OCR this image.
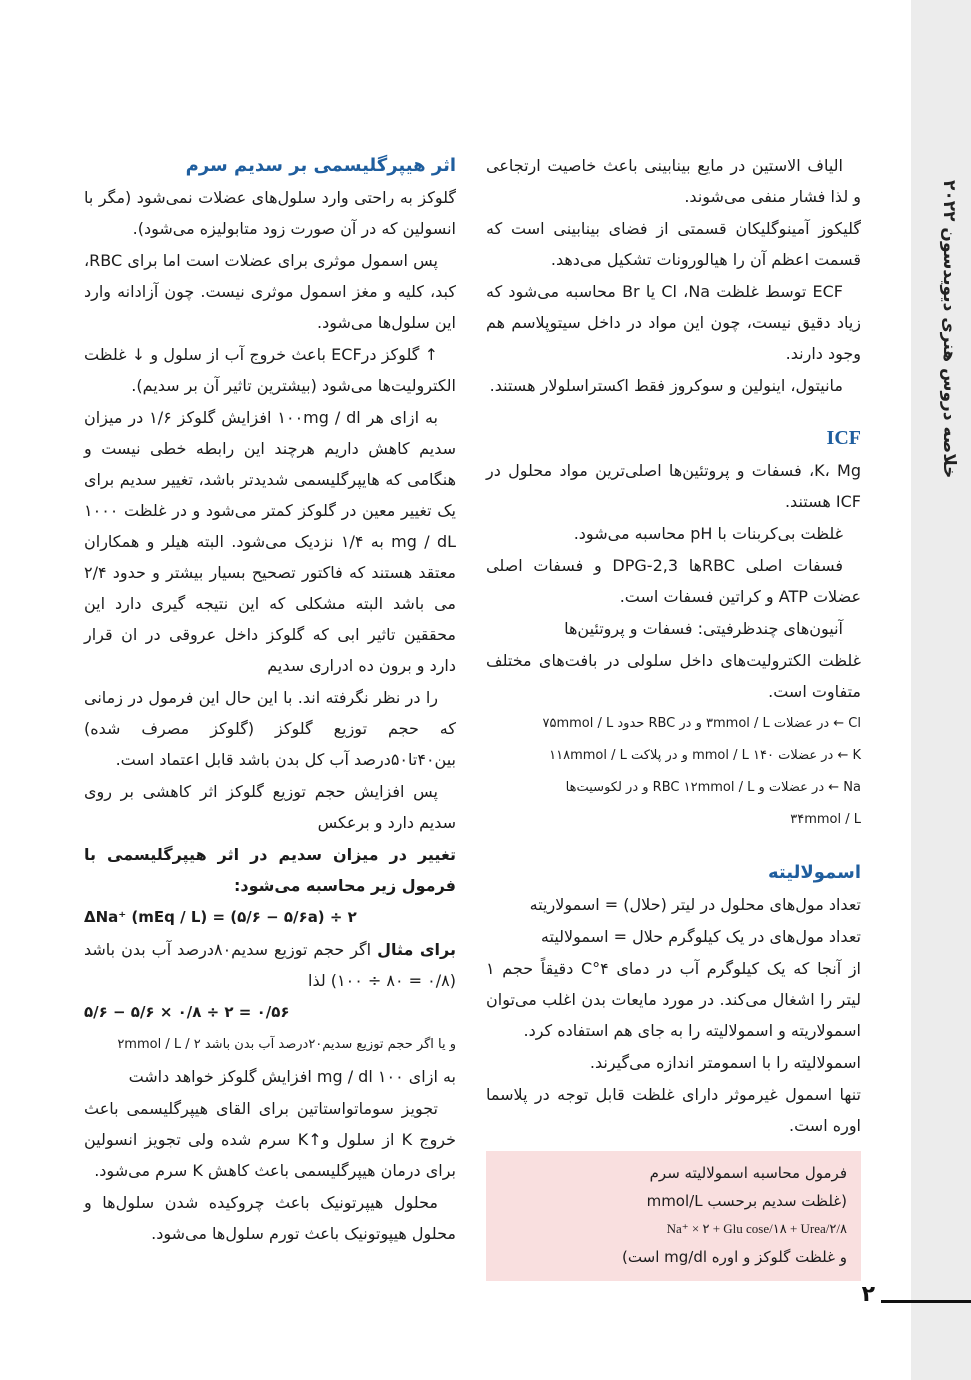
خلاصه دروس هنری دیویدسون ۲۰۲۲

الیاف الاستین در مایع بینابینی باعث خاصیت ارتجاعی و لذا فشار منفی می‌شوند.

گلیکوز آمینوگلیکان قسمتی از فضای بینابینی است که قسمت اعظم آن را هیالورونات تشکیل می‌دهد.

ECF توسط غلظت Cl ،Na یا Br محاسبه می‌شود که زیاد دقیق نیست، چون این مواد در داخل سیتوپلاسم هم وجود دارند.

مانیتول، اینولین و سوکروز فقط اکستراسلولار هستند.

ICF

K، Mg، فسفات و پروتئین‌ها اصلی‌ترین مواد محلول در ICF هستند.

غلظت بی‌کربنات با pH محاسبه می‌شود.

فسفات اصلی RBCها 2,3-DPG و فسفات اصلی عضلات ATP و کراتین فسفات است.

آنیون‌های چندظرفیتی: فسفات و پروتئین‌ها

غلظت الکترولیت‌های داخل سلولی در بافت‌های مختلف متفاوت است.

Cl ← در عضلات ۳mmol / L و در RBC حدود ۷۵mmol / L

K ← در عضلات ۱۴۰ mmol / L و در پلاکت ۱۱۸mmol / L

Na ← در عضلات و RBC ۱۲mmol / L و در لکوسیت‌ها

۳۴mmol / L

اسمولالیته

تعداد مول‌های محلول در لیتر (حلال) = اسمولاریته

تعداد مول‌های در یک کیلوگرم حلال = اسمولالیته

از آنجا که یک کیلوگرم آب در دمای ۴°C دقیقاً حجم ۱ لیتر را اشغال می‌کند. در مورد مایعات بدن اغلب می‌توان اسمولاریته و اسمولالیته را به جای هم استفاده کرد.

اسمولالیته را با اسمومتر اندازه می‌گیرند.

تنها اسمول غیرموثر دارای غلظت قابل توجه در پلاسما اوره است.

فرمول محاسبه اسمولالیته سرم
(غلظت سدیم برحسب mmol/L
Na⁺ × ۲ + Glu cose/۱۸ + Urea/۲/۸
و غلظت گلوکز و اوره mg/dl است)

اثر هیپرگلیسمی بر سدیم سرم

گلوکز به راحتی وارد سلول‌های عضلات نمی‌شود (مگر با انسولین که در آن صورت زود متابولیزه می‌شود).

پس اسمول موثری برای عضلات است اما برای RBC، کبد، کلیه و مغز اسمول موثری نیست. چون آزادانه وارد این سلول‌ها می‌شود.

↑ گلوکز درECF باعث خروج آب از سلول و ↓ غلظت الکترولیت‌ها می‌شود (بیشترین تاثیر آن بر سدیم).

به ازای هر ۱۰۰mg / dl افزایش گلوکز ۱/۶ در میزان سدیم کاهش داریم هرچند این رابطه خطی نیست و هنگامی که هایپرگلیسمی شدیدتر باشد، تغییر سدیم برای یک تغییر معین در گلوکز کمتر می‌شود و در غلظت ۱۰۰۰ mg / dL به ۱/۴ نزدیک می‌شود. البته هیلر و همکاران معتقد هستند که فاکتور تصحیح بسیار بیشتر و حدود ۲/۴ می باشد البته مشکلی که این نتیجه گیری دارد این محققین تاثیر ابی که گلوکز داخل عروقی در ان قرار دارد و برون ده ادراری سدیم

را در نظر نگرفته اند. با این حال این فرمول در زمانی که حجم توزیع گلوکز (گلوکز مصرف شده) بین۴۰تا۵۰درصد آب کل بدن باشد قابل اعتماد است.

پس افزایش حجم توزیع گلوکز اثر کاهشی بر روی سدیم دارد و برعکس

تغییر در میزان سدیم در اثر هیپرگلیسمی با فرمول زیر محاسبه می‌شود:

ΔNa⁺ (mEq / L) = (۵/۶ − ۵/۶a) ÷ ۲

برای مثال اگر حجم توزیع سدیم۸۰درصد آب بدن باشد (۰/۸ = ۸۰ ÷ ۱۰۰) لذا

۵/۶ − ۵/۶ × ۰/۸ ÷ ۲ = ۰/۵۶

و یا اگر حجم توزیع سدیم۲۰درصد آب بدن باشد ۲ / ۲mmol / L

به ازای ۱۰۰ mg / dl افزایش گلوکز خواهد داشت

تجویز سوماتواستاتین برای القای هیپرگلیسمی باعث خروج K از سلول و↑K سرم شده ولی تجویز انسولین برای درمان هیپرگلیسمی باعث کاهش K سرم می‌شود.

محلول هیپرتونیک باعث چروکیده شدن سلول‌ها و محلول هیپوتونیک باعث تورم سلول‌ها می‌شود.

۲
